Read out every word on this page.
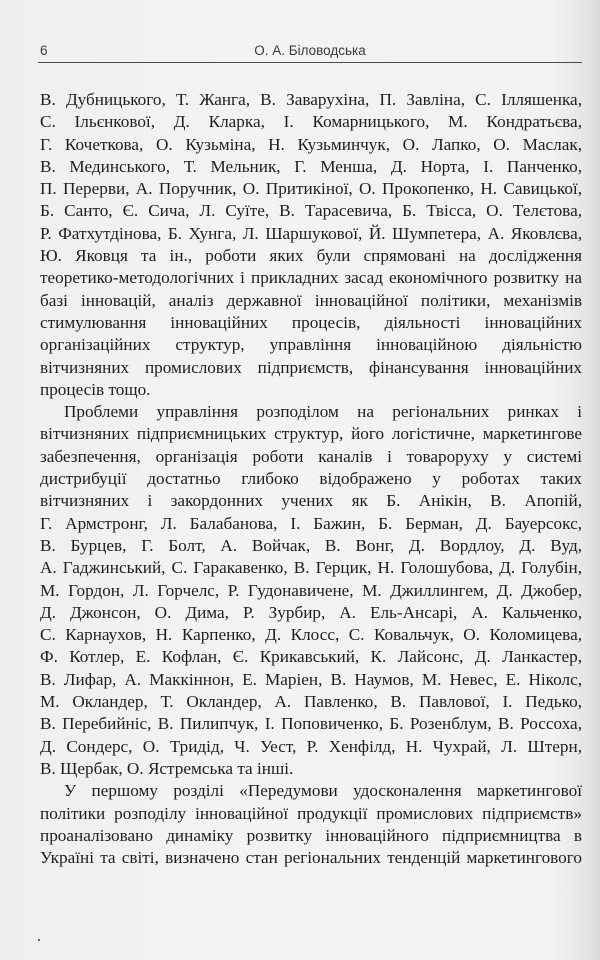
6	О. А. Біловодська
В. Дубницького, Т. Жанга, В. Заварухіна, П. Завліна, С. Ілляшенка,
С. Ільєнкової, Д. Кларка, І. Комарницького, М. Кондратьєва,
Г. Кочеткова, О. Кузьміна, Н. Кузьминчук, О. Лапко, О. Маслак,
В. Мединського, Т. Мельник, Г. Менша, Д. Норта, І. Панченко,
П. Перерви, А. Поручник, О. Притикіної, О. Прокопенко, Н. Савицької,
Б. Санто, Є. Сича, Л. Суїте, В. Тарасевича, Б. Твісса, О. Телєтова,
Р. Фатхутдінова, Б. Хунга, Л. Шаршукової, Й. Шумпетера, А. Яковлєва,
Ю. Яковця та ін., роботи яких були спрямовані на дослідження
теоретико-методологічних і прикладних засад економічного розвитку на
базі інновацій, аналіз державної інноваційної політики, механізмів
стимулювання інноваційних процесів, діяльності інноваційних
організаційних структур, управління інноваційною діяльністю
вітчизняних промислових підприємств, фінансування інноваційних
процесів тощо.
Проблеми управління розподілом на регіональних ринках і
вітчизняних підприємницьких структур, його логістичне, маркетингове
забезпечення, організація роботи каналів і товароруху у системі
дистрибуції достатньо глибоко відображено у роботах таких
вітчизняних і закордонних учених як Б. Анікін, В. Апопій,
Г. Армстронг, Л. Балабанова, І. Бажин, Б. Берман, Д. Бауерсокс,
В. Бурцев, Г. Болт, А. Войчак, В. Вонг, Д. Вордлоу, Д. Вуд,
А. Гаджинський, С. Гаракавенко, В. Герцик, Н. Голошубова, Д. Голубін,
М. Гордон, Л. Горчелс, Р. Гудонавичене, М. Джиллингем, Д. Джобер,
Д. Джонсон, О. Дима, Р. Зурбир, А. Ель-Ансарі, А. Кальченко,
С. Карнаухов, Н. Карпенко, Д. Клосс, С. Ковальчук, О. Коломицева,
Ф. Котлер, Е. Кофлан, Є. Крикавський, К. Лайсонс, Д. Ланкастер,
В. Лифар, А. Маккіннон, Е. Маріен, В. Наумов, М. Невес, Е. Ніколс,
М. Окландер, Т. Окландер, А. Павленко, В. Павлової, І. Педько,
В. Перебийніс, В. Пилипчук, І. Поповиченко, Б. Розенблум, В. Россоха,
Д. Сондерс, О. Тридід, Ч. Уест, Р. Хенфілд, Н. Чухрай, Л. Штерн,
В. Щербак, О. Ястремська та інші.
У першому розділі «Передумови удосконалення маркетингової
політики розподілу інноваційної продукції промислових підприємств»
проаналізовано динаміку розвитку інноваційного підприємництва в
Україні та світі, визначено стан регіональних тенденцій маркетингового
